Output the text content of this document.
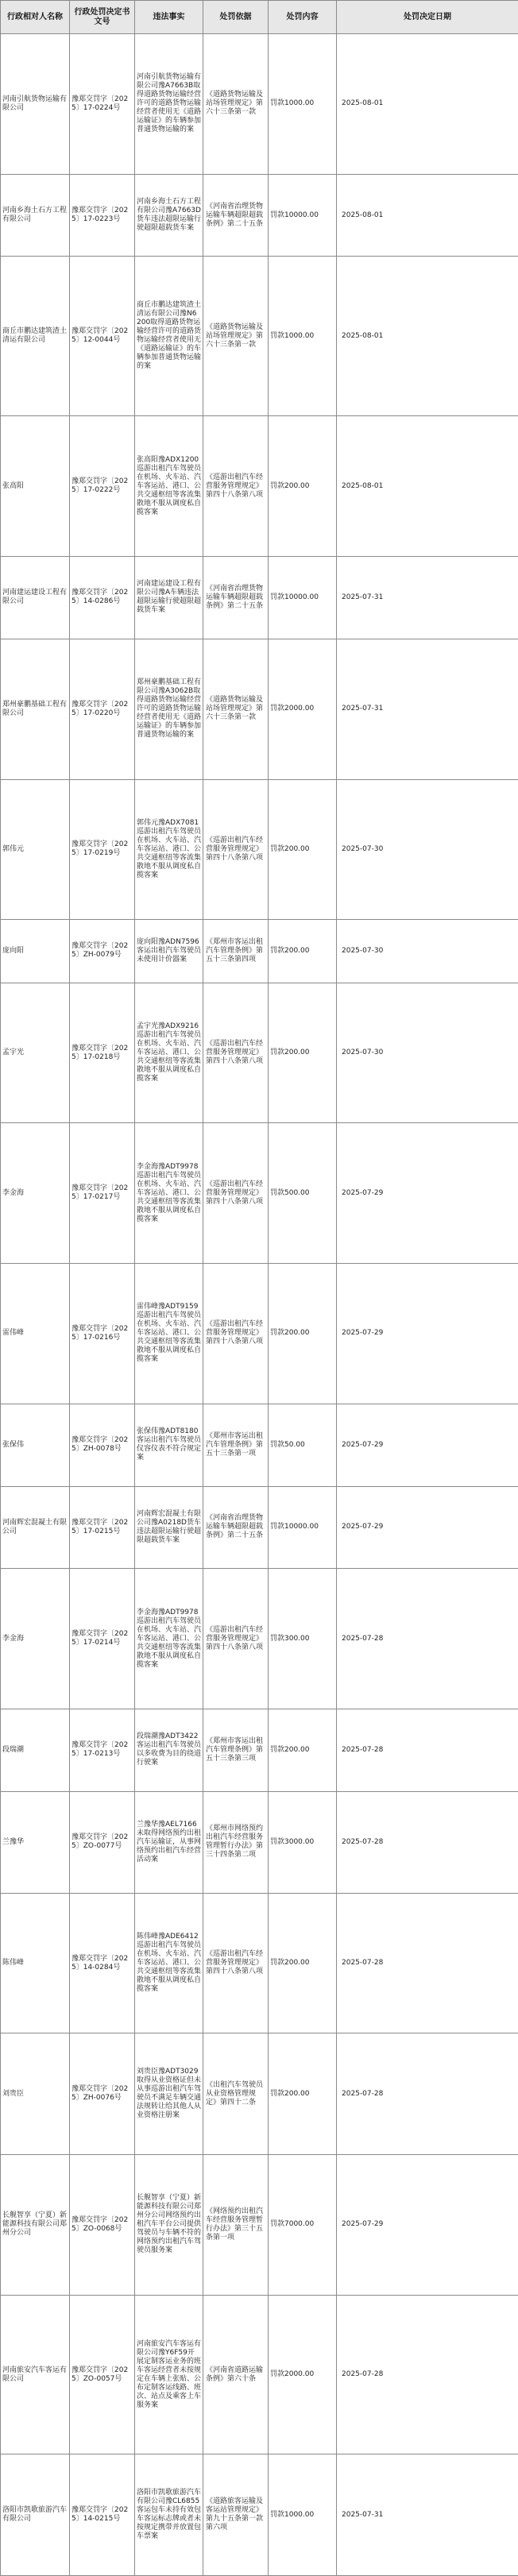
行政相对人名称	行政处罚决定书文号	违法事实	处罚依据	处罚内容	处罚决定日期
河南引航货物运输有限公司	豫郑交罚字〔2025〕17-0224号	河南引航货物运输有限公司豫A7663B取得道路货物运输经营许可的道路货物运输经营者使用无《道路运输证》的车辆参加普通货物运输的案	《道路货物运输及站场管理规定》第六十三条第一款	罚款1000.00	2025-08-01
河南乡海土石方工程有限公司	豫郑交罚字〔2025〕17-0223号	河南乡海土石方工程有限公司豫A7663D货车违法超限运输行驶超限超载货车案	《河南省治理货物运输车辆超限超载条例》第二十五条	罚款10000.00	2025-08-01
商丘市鹏达建筑渣土清运有限公司	豫郑交罚字〔2025〕12-0044号	商丘市鹏达建筑渣土清运有限公司豫N6200取得道路货物运输经营许可的道路货物运输经营者使用无《道路运输证》的车辆参加普通货物运输的案	《道路货物运输及站场管理规定》第六十三条第一款	罚款1000.00	2025-08-01
张高阳	豫郑交罚字〔2025〕17-0222号	张高阳豫ADX1200巡游出租汽车驾驶员在机场、火车站、汽车客运站、港口、公共交通枢纽等客流集散地不服从调度私自揽客案	《巡游出租汽车经营服务管理规定》第四十八条第八项	罚款200.00	2025-08-01
河南建运建设工程有限公司	豫郑交罚字〔2025〕14-0286号	河南建运建设工程有限公司豫A车辆违法超限运输行驶超限超载货车案	《河南省治理货物运输车辆超限超载条例》第二十五条	罚款10000.00	2025-07-31
郑州豪鹏基础工程有限公司	豫郑交罚字〔2025〕17-0220号	郑州豪鹏基础工程有限公司豫A3062B取得道路货物运输经营许可的道路货物运输经营者使用无《道路运输证》的车辆参加普通货物运输的案	《道路货物运输及站场管理规定》第六十三条第一款	罚款2000.00	2025-07-31
郭伟元	豫郑交罚字〔2025〕17-0219号	郭伟元豫ADX7081巡游出租汽车驾驶员在机场、火车站、汽车客运站、港口、公共交通枢纽等客流集散地不服从调度私自揽客案	《巡游出租汽车经营服务管理规定》第四十八条第八项	罚款200.00	2025-07-30
庞向阳	豫郑交罚字〔2025〕ZH-0079号	庞向阳豫ADN7596客运出租汽车驾驶员未使用计价器案	《郑州市客运出租汽车管理条例》第五十三条第四项	罚款200.00	2025-07-30
孟宇光	豫郑交罚字〔2025〕17-0218号	孟宇光豫ADX9216巡游出租汽车驾驶员在机场、火车站、汽车客运站、港口、公共交通枢纽等客流集散地不服从调度私自揽客案	《巡游出租汽车经营服务管理规定》第四十八条第八项	罚款200.00	2025-07-30
李金海	豫郑交罚字〔2025〕17-0217号	李金海豫ADT9978巡游出租汽车驾驶员在机场、火车站、汽车客运站、港口、公共交通枢纽等客流集散地不服从调度私自揽客案	《巡游出租汽车经营服务管理规定》第四十八条第八项	罚款500.00	2025-07-29
雷伟峰	豫郑交罚字〔2025〕17-0216号	雷伟峰豫ADT9159巡游出租汽车驾驶员在机场、火车站、汽车客运站、港口、公共交通枢纽等客流集散地不服从调度私自揽客案	《巡游出租汽车经营服务管理规定》第四十八条第八项	罚款200.00	2025-07-29
张保伟	豫郑交罚字〔2025〕ZH-0078号	张保伟豫ADT8180客运出租汽车驾驶员仪容仪表不符合规定案	《郑州市客运出租汽车管理条例》第五十三条第一项	罚款50.00	2025-07-29
河南辉宏混凝土有限公司	豫郑交罚字〔2025〕17-0215号	河南辉宏混凝土有限公司豫A0218D货车违法超限运输行驶超限超载货车案	《河南省治理货物运输车辆超限超载条例》第二十五条	罚款10000.00	2025-07-29
李金海	豫郑交罚字〔2025〕17-0214号	李金海豫ADT9978巡游出租汽车驾驶员在机场、火车站、汽车客运站、港口、公共交通枢纽等客流集散地不服从调度私自揽客案	《巡游出租汽车经营服务管理规定》第四十八条第八项	罚款300.00	2025-07-28
段瑞潮	豫郑交罚字〔2025〕17-0213号	段瑞潮豫ADT3422客运出租汽车驾驶员以多收费为目的绕道行驶案	《郑州市客运出租汽车管理条例》第五十三条第三项	罚款200.00	2025-07-28
兰豫华	豫郑交罚字〔2025〕ZO-0077号	兰豫华豫AEL7166未取得网络预约出租汽车运输证，从事网络预约出租汽车经营活动案	《郑州市网络预约出租汽车经营服务管理暂行办法》第三十四条第二项	罚款3000.00	2025-07-28
陈伟峰	豫郑交罚字〔2025〕14-0284号	陈伟峰豫ADE6412巡游出租汽车驾驶员在机场、火车站、汽车客运站、港口、公共交通枢纽等客流集散地不服从调度私自揽客案	《巡游出租汽车经营服务管理规定》第四十八条第八项	罚款200.00	2025-07-28
刘贵臣	豫郑交罚字〔2025〕ZH-0076号	刘贵臣豫ADT3029取得从业资格证但未从事巡游出租汽车驾驶员不满足车辆交通法规转让给其他人从业资格注册案	《出租汽车驾驶员从业资格管理规定》第四十二条	罚款200.00	2025-07-28
长舰智享（宁夏）新能源科技有限公司郑州分公司	豫郑交罚字〔2025〕ZO-0068号	长舰智享（宁夏）新能源科技有限公司郑州分公司网络预约出租汽车平台公司提供驾驶员与车辆不符的网络预约出租汽车驾驶员服务案	《网络预约出租汽车经营服务管理暂行办法》第三十五条第一项	罚款7000.00	2025-07-29
河南旅安汽车客运有限公司	豫郑交罚字〔2025〕ZO-0057号	河南旅安汽车客运有限公司豫Y6F59开展定制客运业务的班车客运经营者未按规定在车辆上张贴、公布定制客运线路、班次、站点及乘客上车服务案	《河南省道路运输条例》第六十条	罚款2000.00	2025-07-28
洛阳市凯歌旅游汽车有限公司	豫郑交罚字〔2025〕14-0215号	洛阳市凯歌旅游汽车有限公司豫CL6855客运包车未持有效包车客运标志牌或者未按规定携带并放置包车票案	《道路旅客运输及客运站管理规定》第九十五条第一款第六项	罚款1000.00	2025-07-31
